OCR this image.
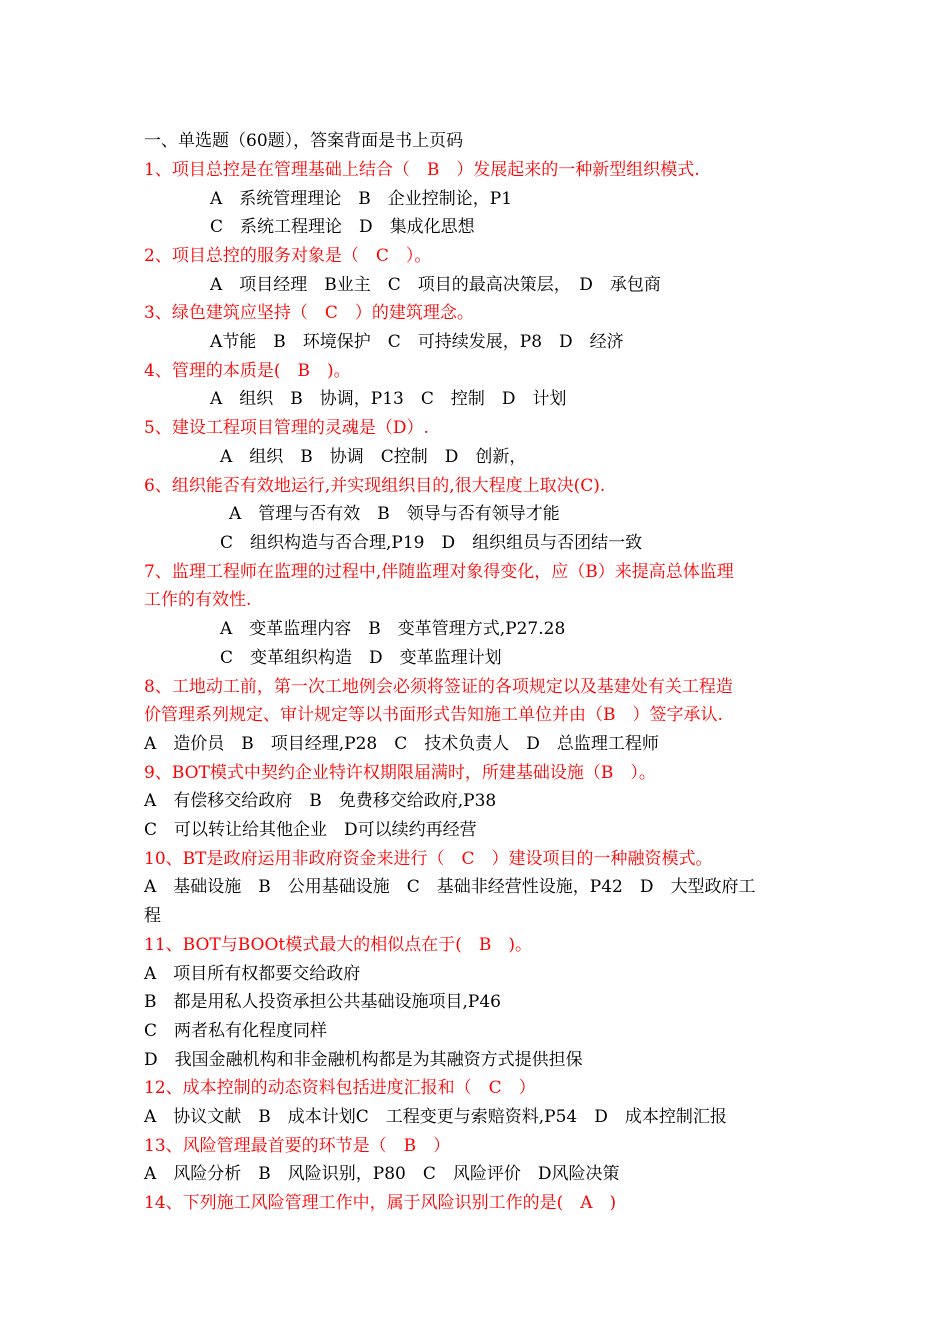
一、单选题（60题），答案背面是书上页码
1、项目总控是在管理基础上结合（　B　）发展起来的一种新型组织模式.
A　系统管理理论　B　企业控制论，P1
C　系统工程理论　D　集成化思想
2、项目总控的服务对象是（　C　）。
A　项目经理　B业主　C　项目的最高决策层，　D　承包商
3、绿色建筑应坚持（　C　）的建筑理念。
A节能　B　环境保护　C　可持续发展，P8　D　经济
4、管理的本质是(　B　)。
A　组织　B　协调，P13　C　控制　D　计划
5、建设工程项目管理的灵魂是（D）.
A　组织　B　协调　C控制　D　创新，
6、组织能否有效地运行,并实现组织目的,很大程度上取决(C).
A　管理与否有效　B　领导与否有领导才能
C　组织构造与否合理,P19　D　组织组员与否团结一致
7、监理工程师在监理的过程中,伴随监理对象得变化，应（B）来提高总体监理
工作的有效性.
A　变革监理内容　B　变革管理方式,P27.28
C　变革组织构造　D　变革监理计划
8、工地动工前，第一次工地例会必须将签证的各项规定以及基建处有关工程造
价管理系列规定、审计规定等以书面形式告知施工单位并由（B　）签字承认.
A　造价员　B　项目经理,P28　C　技术负责人　D　总监理工程师
9、BOT模式中契约企业特许权期限届满时，所建基础设施（B　）。
A　有偿移交给政府　B　免费移交给政府,P38
C　可以转让给其他企业　D可以续约再经营
10、BT是政府运用非政府资金来进行（　C　）建设项目的一种融资模式。
A　基础设施　B　公用基础设施　C　基础非经营性设施，P42　D　大型政府工
程
11、BOT与BOOt模式最大的相似点在于(　B　)。
A　项目所有权都要交给政府
B　都是用私人投资承担公共基础设施项目,P46
C　两者私有化程度同样
D　我国金融机构和非金融机构都是为其融资方式提供担保
12、成本控制的动态资料包括进度汇报和（　C　）
A　协议文献　B　成本计划C　工程变更与索赔资料,P54　D　成本控制汇报
13、风险管理最首要的环节是（　B　）
A　风险分析　B　风险识别，P80　C　风险评价　D风险决策
14、下列施工风险管理工作中，属于风险识别工作的是(　A　)
